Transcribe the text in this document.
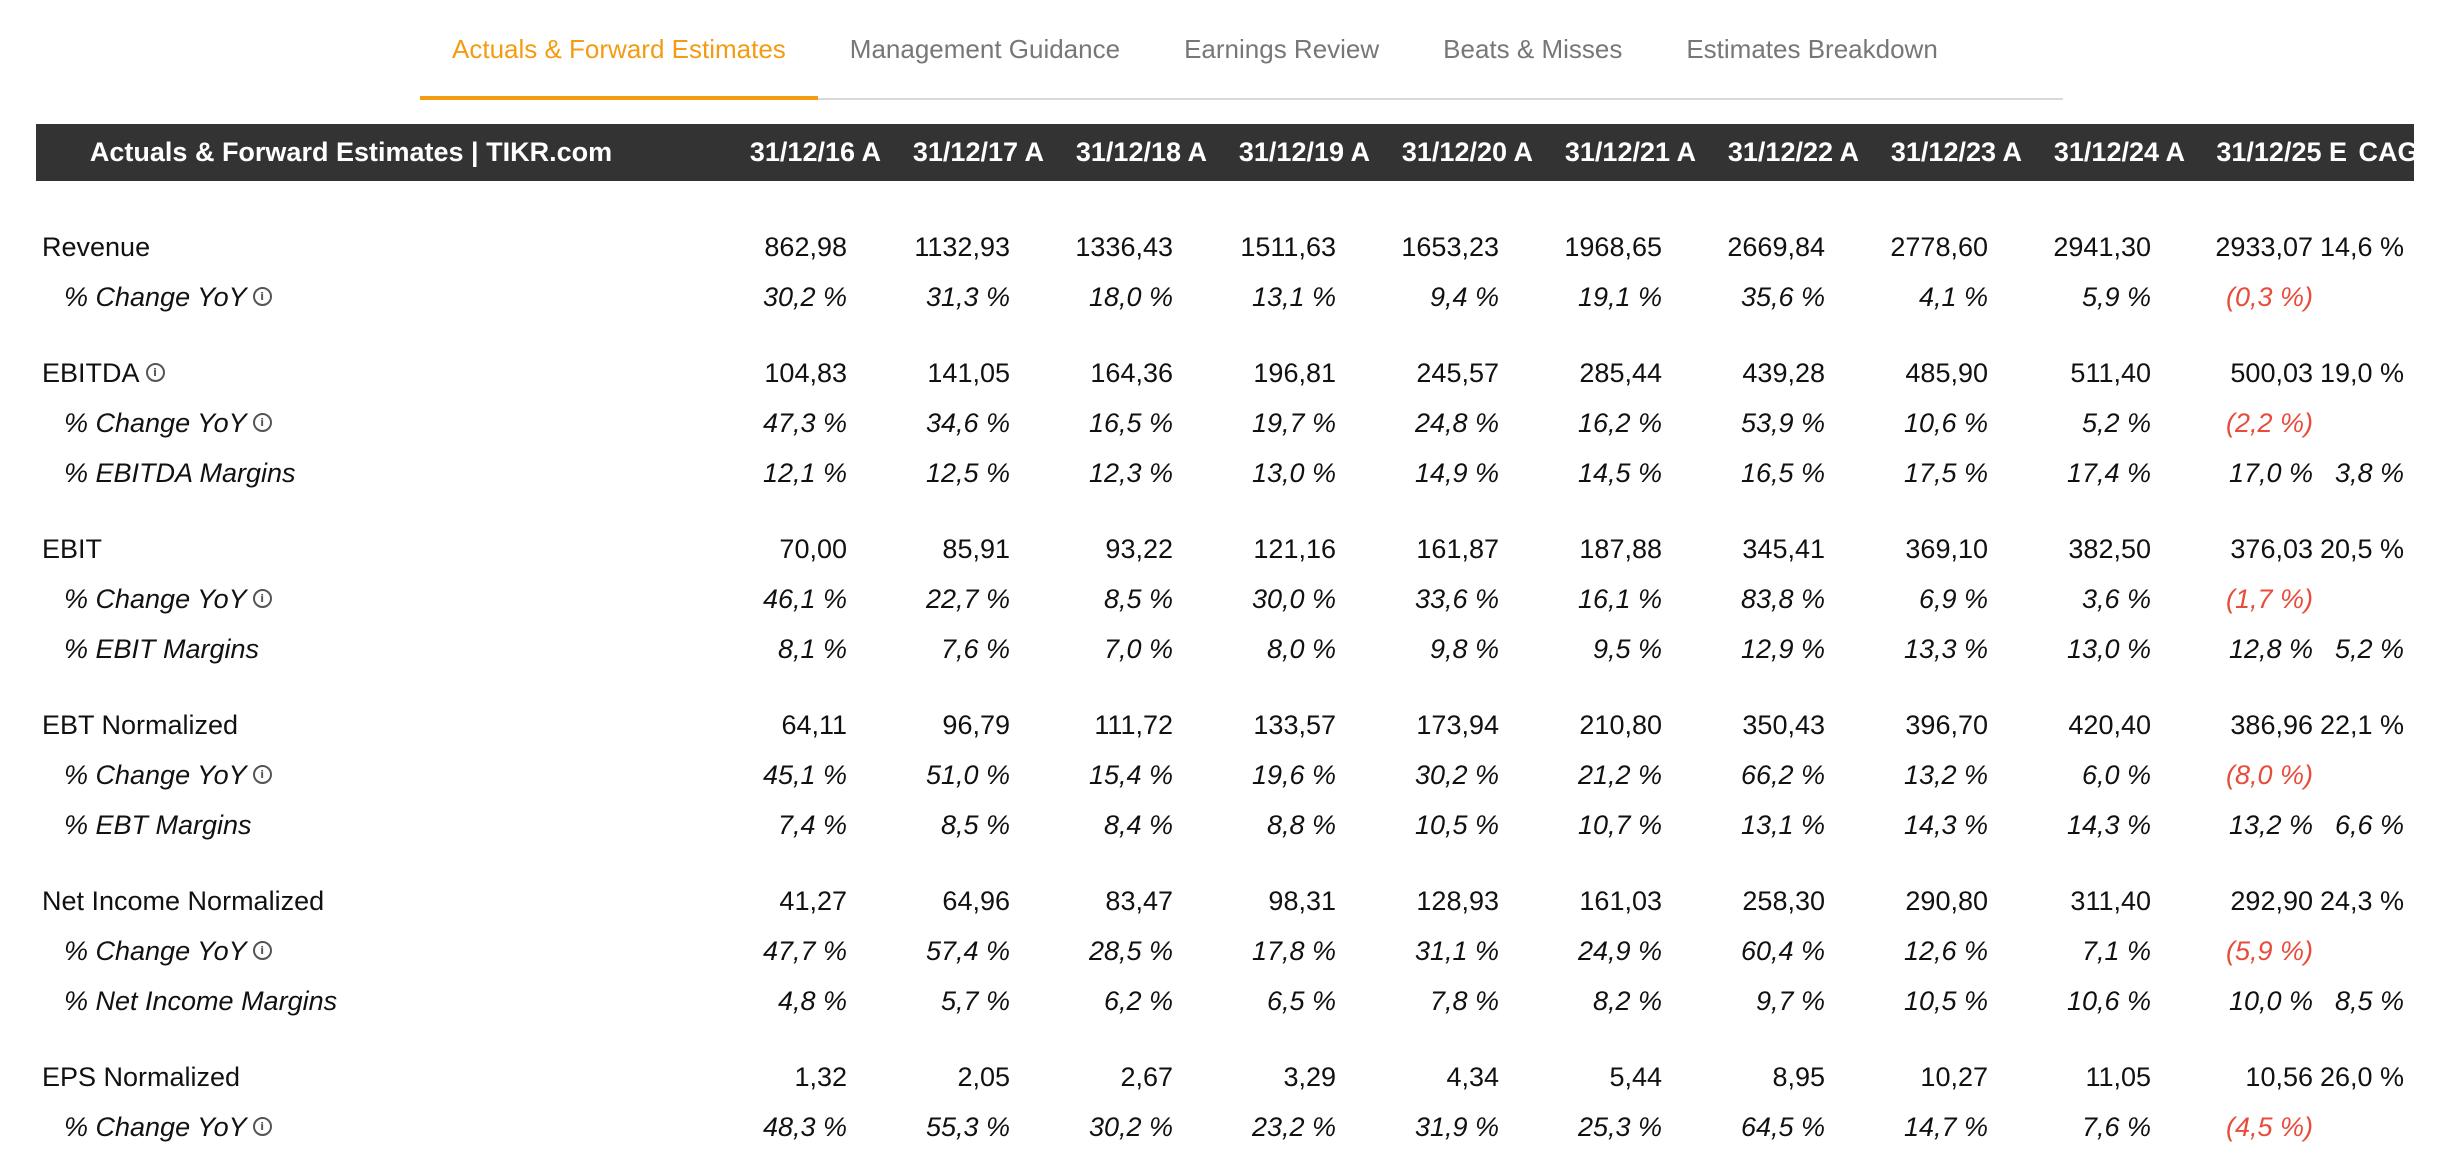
Actuals & Forward Estimates	Management Guidance	Earnings Review	Beats & Misses	Estimates Breakdown
Actuals & Forward Estimates | TIKR.com	31/12/16 A 31/12/17 A 31/12/18 A 31/12/19 A 31/12/20 A 31/12/21 A 31/12/22 A 31/12/23 A 31/12/24 A 31/12/25 E CAGR
Revenue	862,98 1132,93 1336,43 1511,63 1653,23 1968,65 2669,84 2778,60 2941,30 2933,07 14,6 %
% Change YoY i	30,2 %	31,3 %	18,0 %	13,1 %	9,4 %	19,1 %	35,6 %	4,1 %	5,9 %	(0,3 %)
EBITDA i	104,83	141,05	164,36	196,81	245,57	285,44	439,28	485,90	511,40	500,03 19,0 %
% Change YoY i	47,3 %	34,6 %	16,5 %	19,7 %	24,8 %	16,2 %	53,9 %	10,6 %	5,2 %	(2,2 %)
% EBITDA Margins	12,1 %	12,5 %	12,3 %	13,0 %	14,9 %	14,5 %	16,5 %	17,5 %	17,4 %	17,0 % 3,8 %
EBIT	70,00	85,91	93,22	121,16	161,87	187,88	345,41	369,10	382,50	376,03 20,5 %
% Change YoY i	46,1 %	22,7 %	8,5 %	30,0 %	33,6 %	16,1 %	83,8 %	6,9 %	3,6 %	(1,7 %)
% EBIT Margins	8,1 %	7,6 %	7,0 %	8,0 %	9,8 %	9,5 %	12,9 %	13,3 %	13,0 %	12,8 % 5,2 %
EBT Normalized	64,11	96,79	111,72	133,57	173,94	210,80	350,43	396,70	420,40	386,96 22,1 %
% Change YoY i	45,1 %	51,0 %	15,4 %	19,6 %	30,2 %	21,2 %	66,2 %	13,2 %	6,0 %	(8,0 %)
% EBT Margins	7,4 %	8,5 %	8,4 %	8,8 %	10,5 %	10,7 %	13,1 %	14,3 %	14,3 %	13,2 % 6,6 %
Net Income Normalized	41,27	64,96	83,47	98,31	128,93	161,03	258,30	290,80	311,40	292,90 24,3 %
% Change YoY i	47,7 %	57,4 %	28,5 %	17,8 %	31,1 %	24,9 %	60,4 %	12,6 %	7,1 %	(5,9 %)
% Net Income Margins	4,8 %	5,7 %	6,2 %	6,5 %	7,8 %	8,2 %	9,7 %	10,5 %	10,6 %	10,0 % 8,5 %
EPS Normalized	1,32	2,05	2,67	3,29	4,34	5,44	8,95	10,27	11,05	10,56 26,0 %
% Change YoY i	48,3 %	55,3 %	30,2 %	23,2 %	31,9 %	25,3 %	64,5 %	14,7 %	7,6 %	(4,5 %)
